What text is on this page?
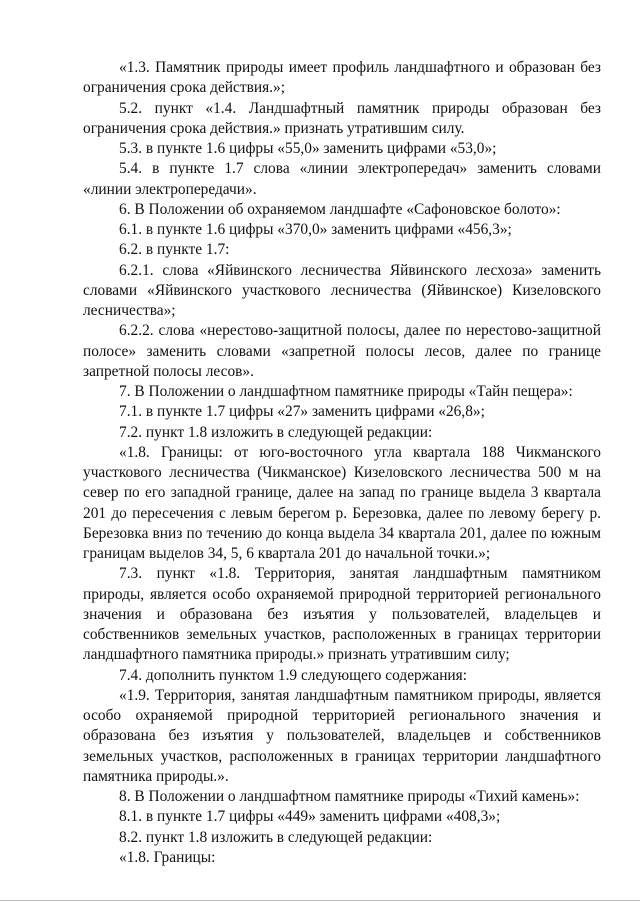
«1.3. Памятник природы имеет профиль ландшафтного и образован без ограничения срока действия.»;

5.2. пункт «1.4. Ландшафтный памятник природы образован без ограничения срока действия.» признать утратившим силу.

5.3. в пункте 1.6 цифры «55,0» заменить цифрами «53,0»;

5.4. в пункте 1.7 слова «линии электропередач» заменить словами «линии электропередачи».

6. В Положении об охраняемом ландшафте «Сафоновское болото»:

6.1. в пункте 1.6 цифры «370,0» заменить цифрами «456,3»;

6.2. в пункте 1.7:

6.2.1. слова «Яйвинского лесничества Яйвинского лесхоза» заменить словами «Яйвинского участкового лесничества (Яйвинское) Кизеловского лесничества»;

6.2.2. слова «нерестово-защитной полосы, далее по нерестово-защитной полосе» заменить словами «запретной полосы лесов, далее по границе запретной полосы лесов».

7. В Положении о ландшафтном памятнике природы «Тайн пещера»:

7.1. в пункте 1.7 цифры «27» заменить цифрами «26,8»;

7.2. пункт 1.8 изложить в следующей редакции:

«1.8. Границы: от юго-восточного угла квартала 188 Чикманского участкового лесничества (Чикманское) Кизеловского лесничества 500 м на север по его западной границе, далее на запад по границе выдела 3 квартала 201 до пересечения с левым берегом р. Березовка, далее по левому берегу р. Березовка вниз по течению до конца выдела 34 квартала 201, далее по южным границам выделов 34, 5, 6 квартала 201 до начальной точки.»;

7.3. пункт «1.8. Территория, занятая ландшафтным памятником природы, является особо охраняемой природной территорией регионального значения и образована без изъятия у пользователей, владельцев и собственников земельных участков, расположенных в границах территории ландшафтного памятника природы.» признать утратившим силу;

7.4. дополнить пунктом 1.9 следующего содержания:

«1.9. Территория, занятая ландшафтным памятником природы, является особо охраняемой природной территорией регионального значения и образована без изъятия у пользователей, владельцев и собственников земельных участков, расположенных в границах территории ландшафтного памятника природы.».

8. В Положении о ландшафтном памятнике природы «Тихий камень»:

8.1. в пункте 1.7 цифры «449» заменить цифрами «408,3»;

8.2. пункт 1.8 изложить в следующей редакции:

«1.8. Границы:
